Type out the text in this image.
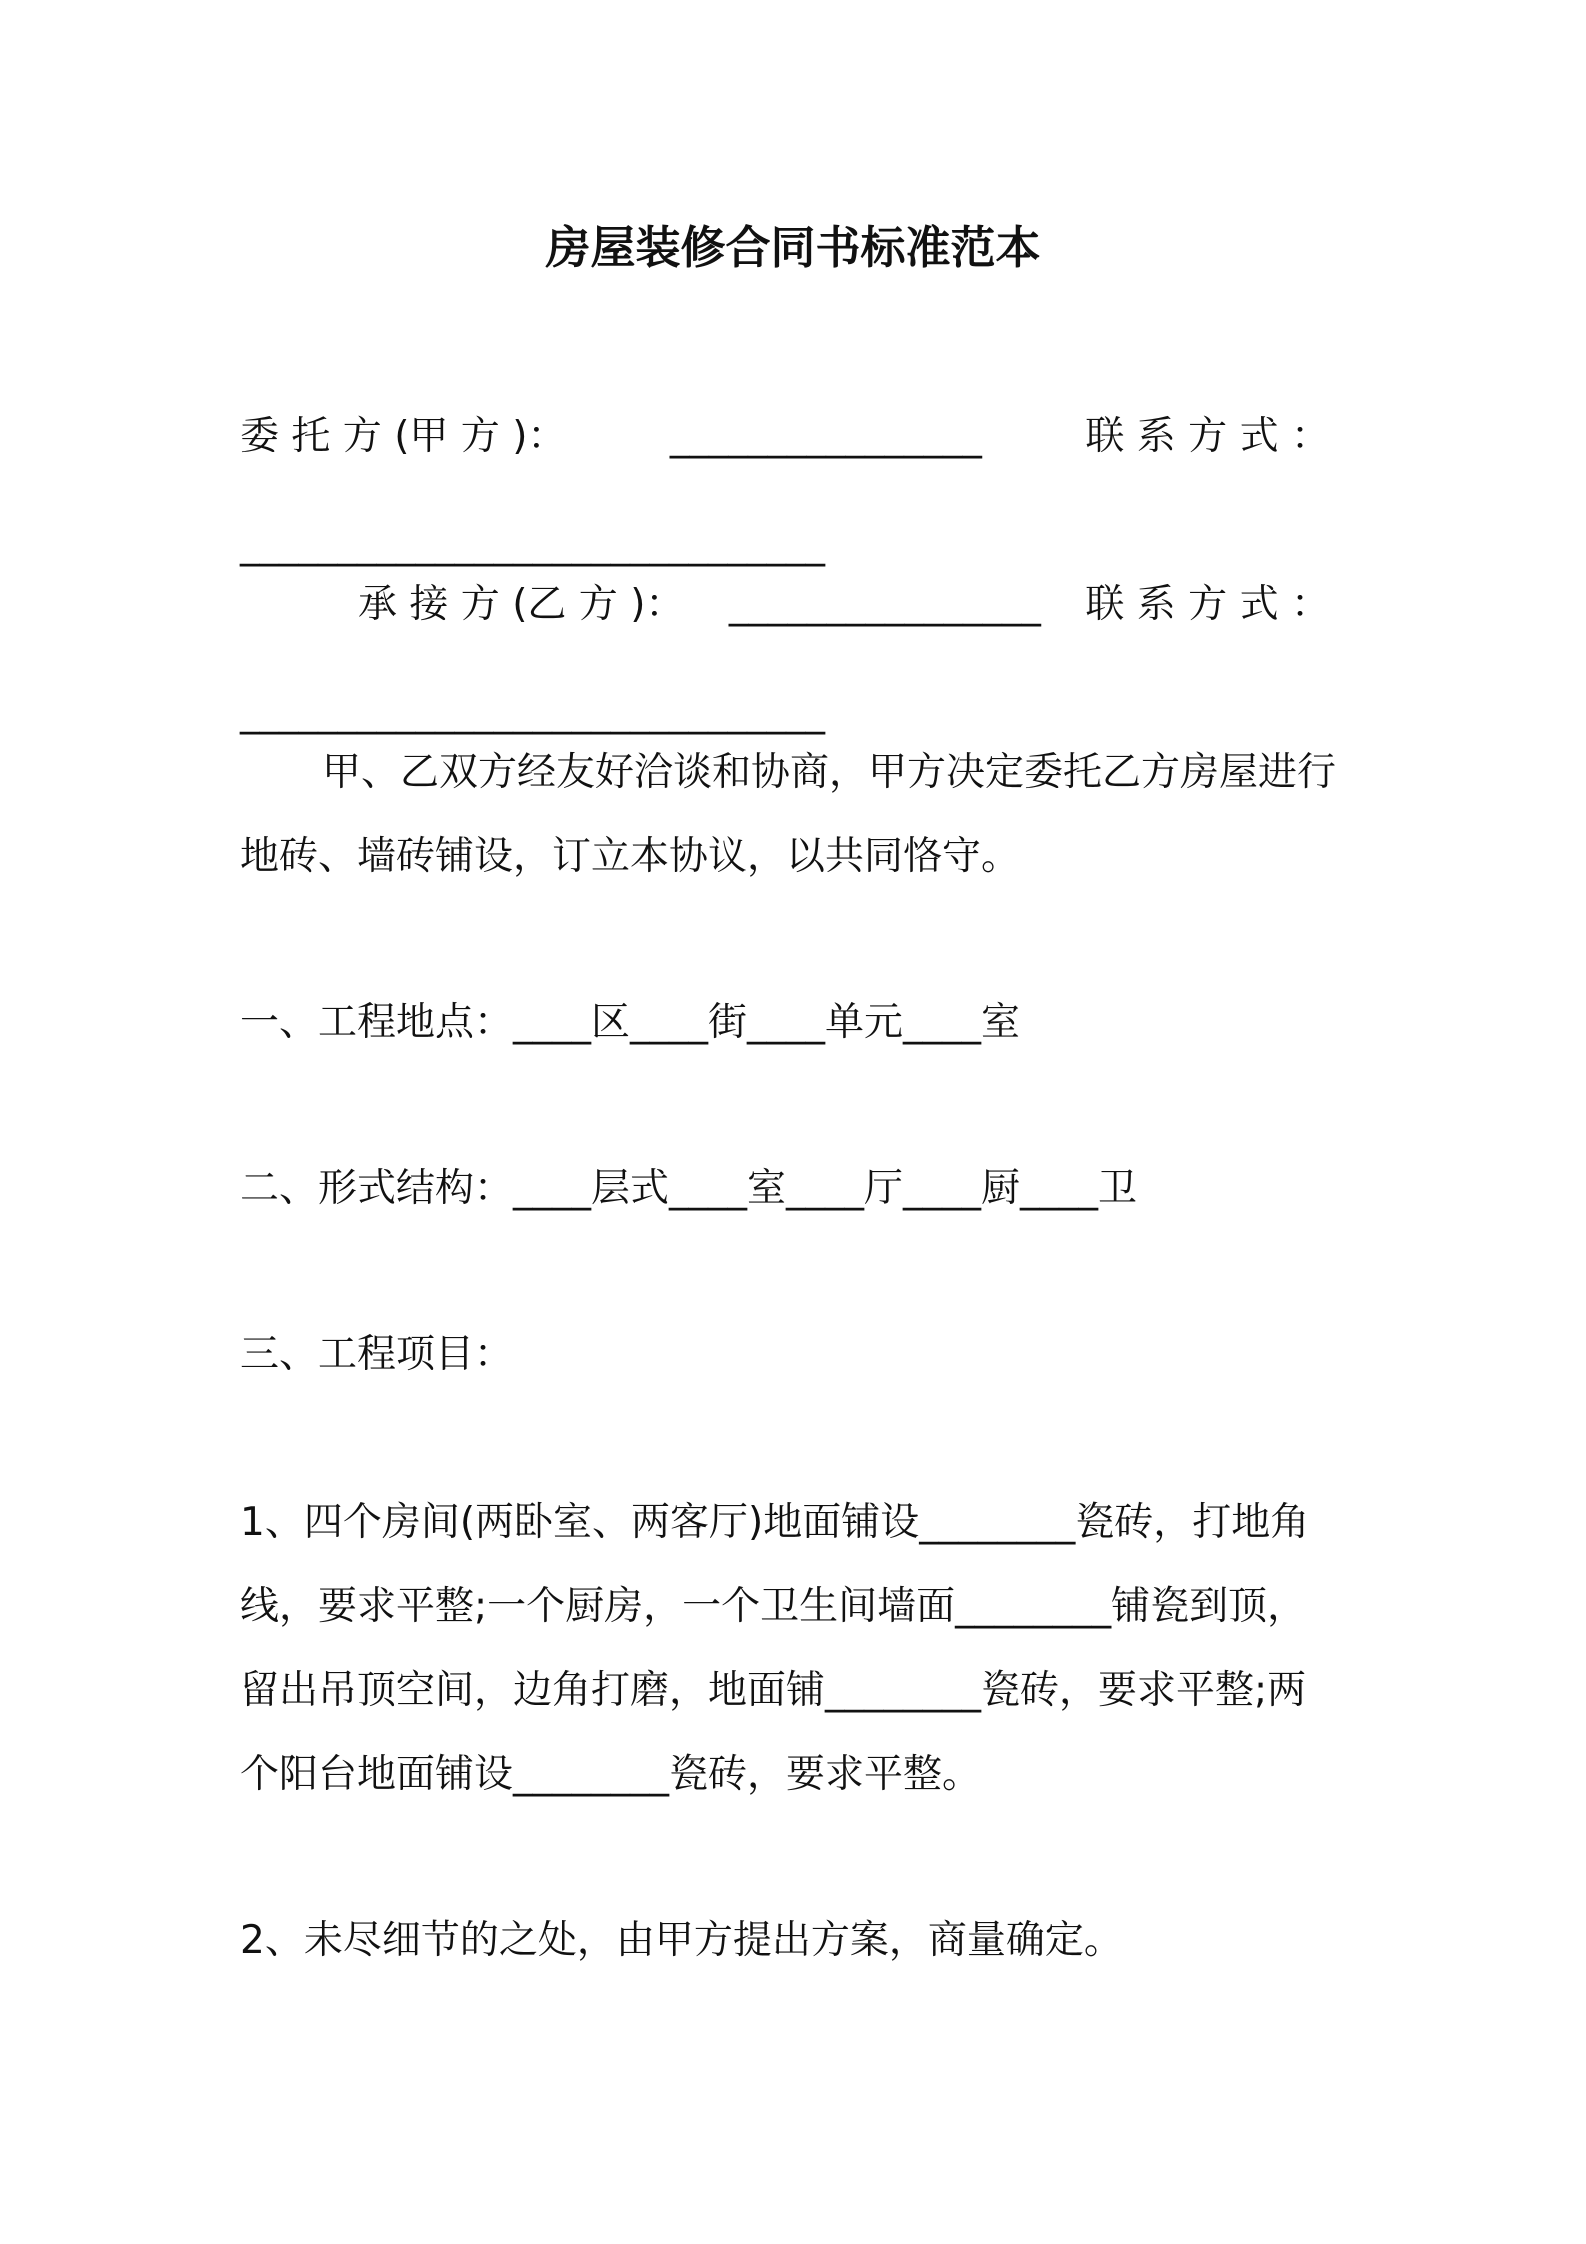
房屋装修合同书标准范本
委 托 方 (甲 方 )：	________________	联 系 方 式 ：
______________________________
承 接 方 (乙 方 )： ________________ 联 系 方 式 ：
______________________________
甲、乙双方经友好洽谈和协商，甲方决定委托乙方房屋进行
地砖、墙砖铺设，订立本协议，以共同恪守。
一、工程地点：____区____街____单元____室
二、形式结构：____层式____室____厅____厨____卫
三、工程项目：
1、四个房间(两卧室、两客厅)地面铺设________瓷砖，打地角
线，要求平整;一个厨房，一个卫生间墙面________铺瓷到顶，
留出吊顶空间，边角打磨，地面铺________瓷砖，要求平整;两
个阳台地面铺设________瓷砖，要求平整。
2、未尽细节的之处，由甲方提出方案，商量确定。
